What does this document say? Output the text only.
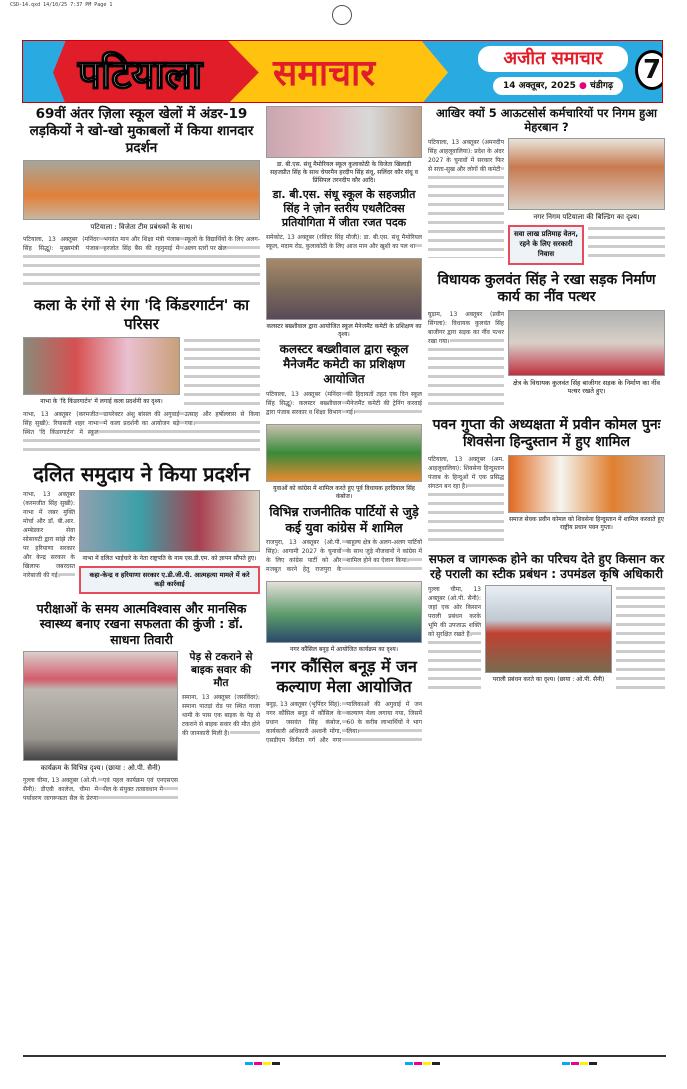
CSD-14.qxd 14/10/25 7:37 PM Page 1
पटियाला समाचार	अजीत समाचार
14 अक्तूबर, 2025 ● चंडीगढ़
7
69वीं अंतर ज़िला स्कूल खेलों में अंडर-19 लड़कियों ने खो-खो मुकाबलों में किया शानदार प्रदर्शन
पटियाला : विजेता टीम प्रबंधकों के साथ।
पटियाला, 13 अक्तूबर (मनिंदर सिंह सिद्धू): मुख्यमंत्री पंजाब भगवंत मान और शिक्षा मंत्री पंजाब हरजोत सिंह बैंस की रहनुमाई में स्कूलों के विद्यार्थियों के लिए अलग-अलग स्तरों पर खेल
कला के रंगों से रंगा 'दि किंडरगार्टन' का परिसर
नाभा के 'दि किंडरगार्टन' में लगाई कला प्रदर्शनी का दृश्य।
नाभा, 13 अक्तूबर (करमजीत सिंह सुखी): रियासती शहर नाभा स्थित 'दि किंडरगार्टन' में स्कूल डायरेक्टर अंशु बांसल की अगुवाई में कला प्रदर्शनी का आयोजन बड़े उत्साह और हर्षोल्लास से किया गया।
दलित समुदाय ने किया प्रदर्शन
नाभा, 13 अक्तूबर (करमजीत सिंह सुखी): नाभा में जबर मुक्ति मोर्चा और डॉ. बी.आर. अम्बेडकर सेवा सोसायटी द्वारा सांझे तौर पर हरियाणा सरकार और केन्द्र सरकार के खिलाफ जबरदस्त नारेबाजी की गई।
नाभा में दलित भाईचारे के नेता राष्ट्रपति के नाम एस.डी.एम. को ज्ञापन सौंपते हुए।
कहा-केन्द्र व हरियाणा सरकार ए.डी.जी.पी. आत्महत्या मामले में करे कड़ी कार्रवाई
परीक्षाओं के समय आत्मविश्वास और मानसिक स्वास्थ्य बनाए रखना सफलता की कुंजी : डॉ. साधना तिवारी
कार्यक्रम के विभिन्न दृश्य। (छाया : ओ.पी. सैनी)
गुल्ला चीमा, 13 अक्तूबर (ओ.पी. सैनी): डीएवी कालेज, चीमा में पर्यावरण जागरूकता सैल के प्रेरणा एवं पहल कार्यक्रम एवं एनएसएस सैल के संयुक्त तत्वावधान में
पेड़ से टकराने से बाइक सवार की मौत
समाना, 13 अक्तूबर (जसविंदर): समाना पातड़ां रोड पर स्थित गाजा थामी के पास एक बाइक के पेड़ से टकराने से बाइक सवार की मौत होने की जानकारी मिली है।
डा. बी.एस. संधू मैमोरियल स्कूल कुलाकोठी के विजेता खिलाड़ी सहजप्रीत सिंह के साथ चेयरमैन हरदीप सिंह संधू, सलिंदर कौर संधू व प्रिंसिपल तरनदीप कौर आदि।
डा. बी.एस. संधू स्कूल के सहजप्रीत सिंह ने ज़ोन स्तरीय एथलैटिक्स प्रतियोगिता में जीता रजत पदक
समेकोट, 13 अक्तूबर (रविंदर सिंह मौजी): डा. बी.एस. संधू मैमोरियल स्कूल, मदाम रोड, कुलाकोठी के लिए आज मान और खुशी का पल था
कलस्टर बख्शीवाल द्वारा आयोजित स्कूल मैनेजमैंट कमेटी के प्रशिक्षण का दृश्य।
कलस्टर बख्शीवाल द्वारा स्कूल मैनेजमैंट कमेटी का प्रशिक्षण आयोजित
पटियाला, 13 अक्तूबर (मनिंदर सिंह सिद्धू): कलस्टर बख्शीवाल द्वारा पंजाब सरकार व शिक्षा विभाग की हिदायतों तहत एक दिन स्कूल मैनेजमैंट कमेटी की ट्रेनिंग करवाई गई।
युवाओं को कांग्रेस में शामिल करते हुए पूर्व विधायक हरदियाल सिंह कंबोज।
विभिन्न राजनीतिक पार्टियों से जुड़े कई युवा कांग्रेस में शामिल
राजपुरा, 13 अक्तूबर (ओ.पी. सिंह): आगामी 2027 के चुनावों के लिए कांग्रेस पार्टी को और मजबूत करने हेतु राजपुरा के बाहुल्य क्षेत्र के अलग-अलग पार्टियों के साथ जुड़े नौजवानों ने कांग्रेस में शामिल होने का ऐलान किया।
नगर कौंसिल बनूड़ में आयोजित कार्यक्रम का दृश्य।
नगर कौंसिल बनूड़ में जन कल्याण मेला आयोजित
बनूड़, 13 अक्तूबर (भूपिंदर सिंह): नगर कौंसिल बनूड़ में कौंसिल के प्रधान जसवंत सिंह कंबोज, कार्यकारी अधिकारी अश्वनी मोंगा, एसडीएम विनीता गर्ग और नगर पालिकाओं की अगुवाई में जन कल्याण मेला लगाया गया, जिसमें 60 के करीब लाभार्थियों ने भाग लिया।
आखिर क्यों 5 आऊटसोर्स कर्मचारियों पर निगम हुआ मेहरबान ?
पटियाला, 13 अक्तूबर (अमनदीप सिंह आहलूवालिया): प्रदेश के अंदर 2027 के चुनावों में सरकार फिर से सत्ता-सुख और लोगों की कमेटी
नगर निगम पटियाला की बिल्डिंग का दृश्य।
सवा लाख प्रतिमाह वेतन, रहने के लिए सरकारी निवास
विधायक कुलवंत सिंह ने रखा सड़क निर्माण कार्य का नींव पत्थर
घुड़ाम, 13 अक्तूबर (प्रवीन सिंगला): विधायक कुलवंत सिंह बाजीगर द्वारा सड़क का नींव पत्थर रखा गया।
क्षेत्र के विधायक कुलवंत सिंह बाजीगर सड़क के निर्माण का नींव पत्थर रखते हुए।
पवन गुप्ता की अध्यक्षता में प्रवीन कोमल पुनः शिवसेना हिन्दुस्तान में हुए शामिल
पटियाला, 13 अक्तूबर (अम. आहलूवालिया): शिवसेना हिन्दुस्तान पंजाब के हिन्दुओं में एक प्रसिद्ध संगठन बन रहा है।
समाज सेवक प्रवीन कोमल को शिवसेना हिन्दुस्तान में शामिल करवाते हुए राष्ट्रीय प्रधान पवन गुप्ता।
सफल व जागरूक होने का परिचय देते हुए किसान कर रहे पराली का स्टीक प्रबंधन : उपमंडल कृषि अधिकारी
गुल्ला चीमा, 13 अक्तूबर (ओ.पी. सैनी): जहां एक ओर किसान पराली प्रबंधन करके भूमि की उपजाऊ शक्ति को सुरक्षित रखते हैं।
पराली प्रबंधन करते का दृश्य। (छाया : ओ.पी. सैनी)
